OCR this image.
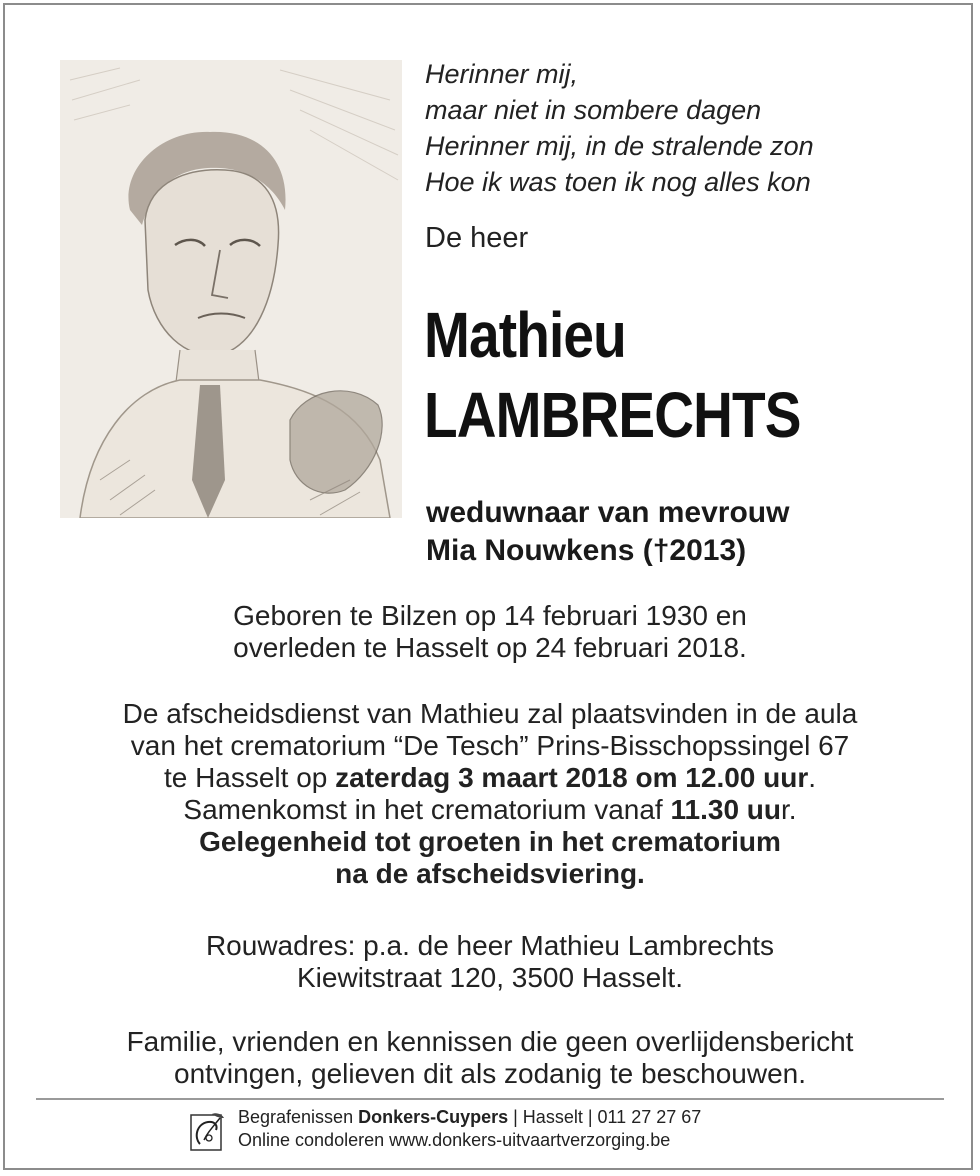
Herinner mij,
maar niet in sombere dagen
Herinner mij, in de stralende zon
Hoe ik was toen ik nog alles kon
De heer
Mathieu
LAMBRECHTS
weduwnaar van mevrouw
Mia Nouwkens (†2013)
Geboren te Bilzen op 14 februari 1930 en
overleden te Hasselt op 24 februari 2018.
De afscheidsdienst van Mathieu zal plaatsvinden in de aula
van het crematorium “De Tesch” Prins-Bisschopssingel 67
te Hasselt op zaterdag 3 maart 2018 om 12.00 uur.
Samenkomst in het crematorium vanaf 11.30 uur.
Gelegenheid tot groeten in het crematorium
na de afscheidsviering.
Rouwadres: p.a. de heer Mathieu Lambrechts
Kiewitstraat 120, 3500 Hasselt.
Familie, vrienden en kennissen die geen overlijdensbericht
ontvingen, gelieven dit als zodanig te beschouwen.
Begrafenissen Donkers-Cuypers | Hasselt | 011 27 27 67
Online condoleren www.donkers-uitvaartverzorging.be
